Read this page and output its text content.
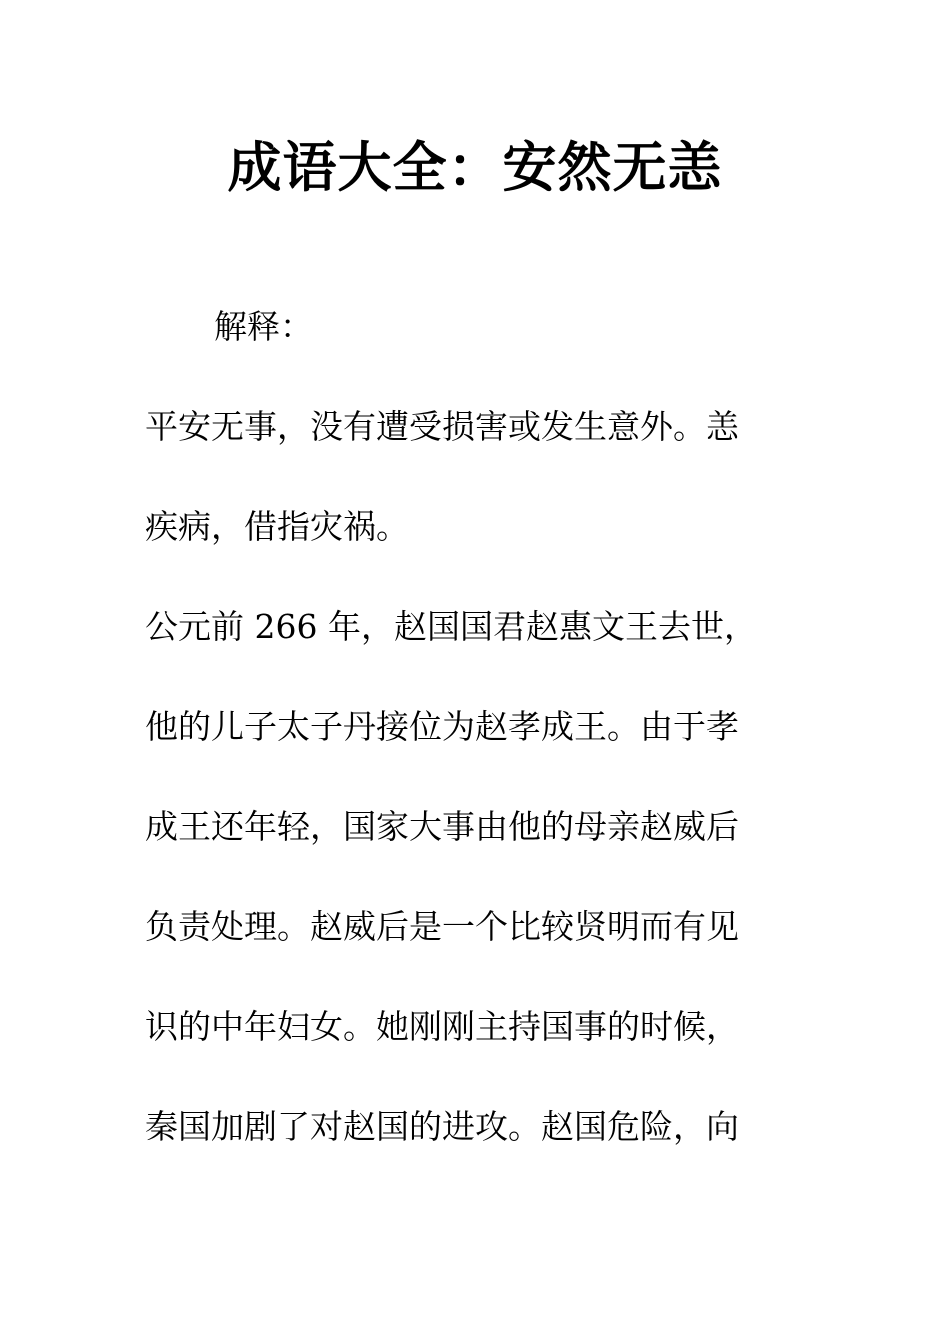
成语大全：安然无恙
解释：

平安无事，没有遭受损害或发生意外。恙
疾病，借指灾祸。

公元前 266 年，赵国国君赵惠文王去世，
他的儿子太子丹接位为赵孝成王。由于孝
成王还年轻，国家大事由他的母亲赵威后
负责处理。赵威后是一个比较贤明而有见
识的中年妇女。她刚刚主持国事的时候，
秦国加剧了对赵国的进攻。赵国危险，向
